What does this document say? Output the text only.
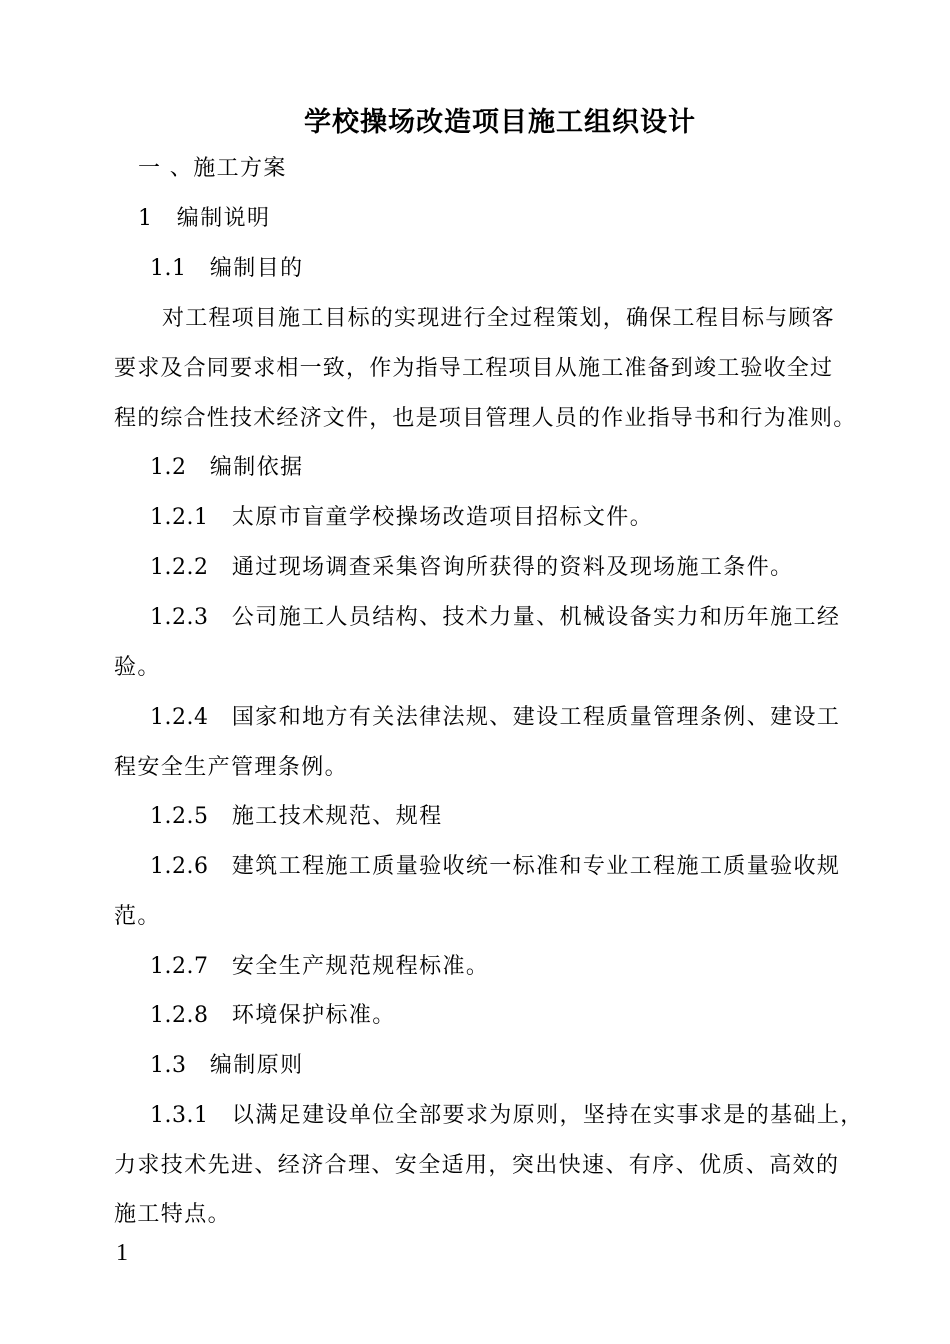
学校操场改造项目施工组织设计
一 、施工方案
1　编制说明
1.1　 编制目的
对工程项目施工目标的实现进行全过程策划，确保工程目标与顾客
要求及合同要求相一致，作为指导工程项目从施工准备到竣工验收全过
程的综合性技术经济文件，也是项目管理人员的作业指导书和行为准则。
1.2　 编制依据
1.2.1　 太原市盲童学校操场改造项目招标文件。
1.2.2　 通过现场调查采集咨询所获得的资料及现场施工条件。
1.2.3　 公司施工人员结构、技术力量、机械设备实力和历年施工经
验。
1.2.4　 国家和地方有关法律法规、建设工程质量管理条例、建设工
程安全生产管理条例。
1.2.5　 施工技术规范、规程
1.2.6　 建筑工程施工质量验收统一标准和专业工程施工质量验收规
范。
1.2.7　 安全生产规范规程标准。
1.2.8　 环境保护标准。
1.3　 编制原则
1.3.1　 以满足建设单位全部要求为原则，坚持在实事求是的基础上，
力求技术先进、经济合理、安全适用，突出快速、有序、优质、高效的
施工特点。
1
